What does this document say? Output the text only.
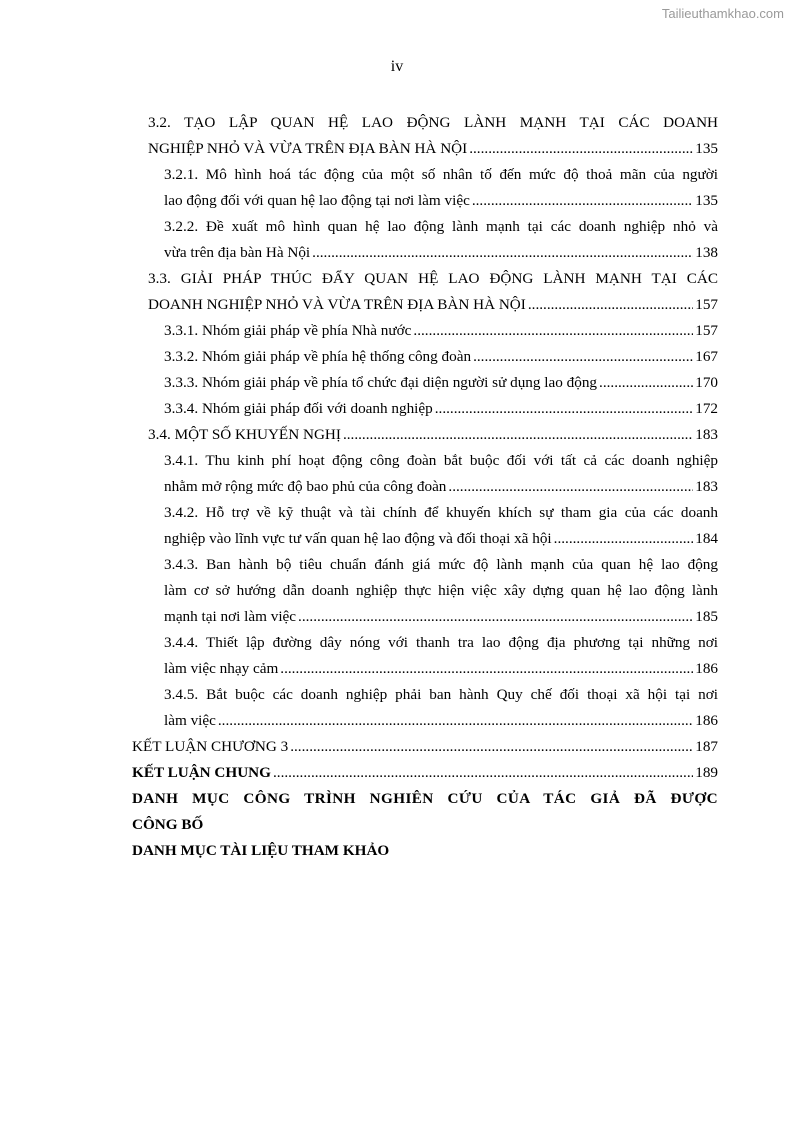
Tailieuthamkhao.com
iv
3.2. TẠO LẬP QUAN HỆ LAO ĐỘNG LÀNH MẠNH TẠI CÁC DOANH
NGHIỆP NHỎ VÀ VỪA TRÊN ĐỊA BÀN HÀ NỘI .....	135
3.2.1. Mô hình hoá tác động của một số nhân tố đến mức độ thoả mãn của người
lao động đối với quan hệ lao động tại nơi làm việc .....	135
3.2.2. Đề xuất mô hình quan hệ lao động lành mạnh tại các doanh nghiệp nhỏ và
vừa trên địa bàn Hà Nội .....	138
3.3. GIẢI PHÁP THÚC ĐẨY QUAN HỆ LAO ĐỘNG LÀNH MẠNH TẠI CÁC
DOANH NGHIỆP NHỎ VÀ VỪA TRÊN ĐỊA BÀN HÀ NỘI .....	157
3.3.1. Nhóm giải pháp về phía Nhà nước .....	157
3.3.2. Nhóm giải pháp về phía hệ thống công đoàn .....	167
3.3.3. Nhóm giải pháp về phía tổ chức đại diện người sử dụng lao động .....	170
3.3.4. Nhóm giải pháp đối với doanh nghiệp .....	172
3.4. MỘT SỐ KHUYẾN NGHỊ .....	183
3.4.1. Thu kinh phí hoạt động công đoàn bắt buộc đối với tất cả các doanh nghiệp
nhằm mở rộng mức độ bao phủ của công đoàn .....	183
3.4.2. Hỗ trợ về kỹ thuật và tài chính để khuyến khích sự tham gia của các doanh
nghiệp vào lĩnh vực tư vấn quan hệ lao động và đối thoại xã hội .....	184
3.4.3. Ban hành bộ tiêu chuẩn đánh giá mức độ lành mạnh của quan hệ lao động
làm cơ sở hướng dẫn doanh nghiệp thực hiện việc xây dựng quan hệ lao động lành
mạnh tại nơi làm việc .....	185
3.4.4. Thiết lập đường dây nóng với thanh tra lao động địa phương tại những nơi
làm việc nhạy cảm .....	186
3.4.5. Bắt buộc các doanh nghiệp phải ban hành Quy chế đối thoại xã hội tại nơi
làm việc .....	186
KẾT LUẬN CHƯƠNG 3 .....	187
KẾT LUẬN CHUNG .....	189
DANH MỤC CÔNG TRÌNH NGHIÊN CỨU CỦA TÁC GIẢ ĐÃ ĐƯỢC
CÔNG BỐ
DANH MỤC TÀI LIỆU THAM KHẢO
